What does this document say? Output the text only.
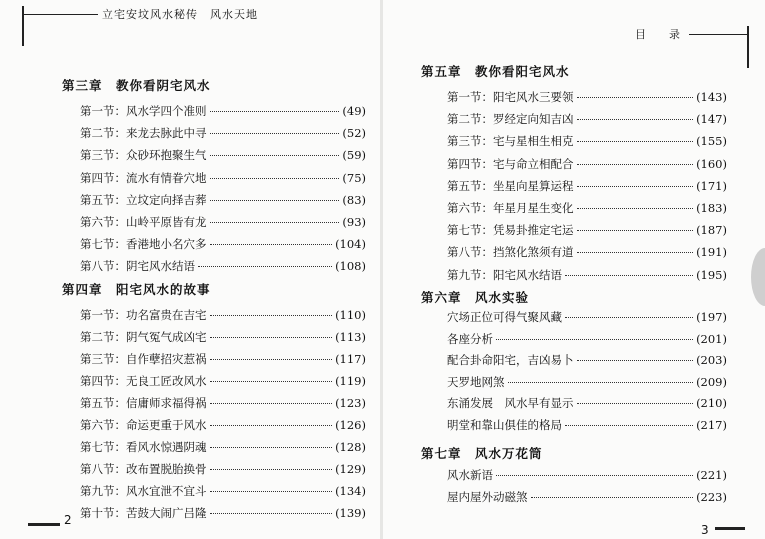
立宅安坟风水秘传 风水天地
第三章　教你看阴宅风水
第一节：风水学四个准则	(49)
第二节：来龙去脉此中寻	(52)
第三节：众砂环抱聚生气	(59)
第四节：流水有情眷穴地	(75)
第五节：立坟定向择吉葬	(83)
第六节：山岭平原皆有龙	(93)
第七节：香港地小名穴多	(104)
第八节：阴宅风水结语	(108)
第四章　阳宅风水的故事
第一节：功名富贵在吉宅	(110)
第二节：阴气冤气成凶宅	(113)
第三节：自作孽招灾惹祸	(117)
第四节：无良工匠改风水	(119)
第五节：信庸师求福得祸	(123)
第六节：命运更重于风水	(126)
第七节：看风水惊遇阴魂	(128)
第八节：改布置脱胎换骨	(129)
第九节：风水宜泄不宜斗	(134)
第十节：苦鼓大闹广吕隆	(139)
2
目　录
第五章　教你看阳宅风水
第一节：阳宅风水三要领	(143)
第二节：罗经定向知吉凶	(147)
第三节：宅与星相生相克	(155)
第四节：宅与命立相配合	(160)
第五节：坐星向星算运程	(171)
第六节：年星月星生变化	(183)
第七节：凭易卦推定宅运	(187)
第八节：挡煞化煞须有道	(191)
第九节：阳宅风水结语	(195)
第六章　风水实验
穴场正位可得气聚风藏	(197)
各座分析	(201)
配合卦命阳宅，吉凶易卜	(203)
天罗地网煞	(209)
东涌发展　风水早有显示	(210)
明堂和靠山俱佳的格局	(217)
第七章　风水万花筒
风水新语	(221)
屋内屋外动磁煞	(223)
3
